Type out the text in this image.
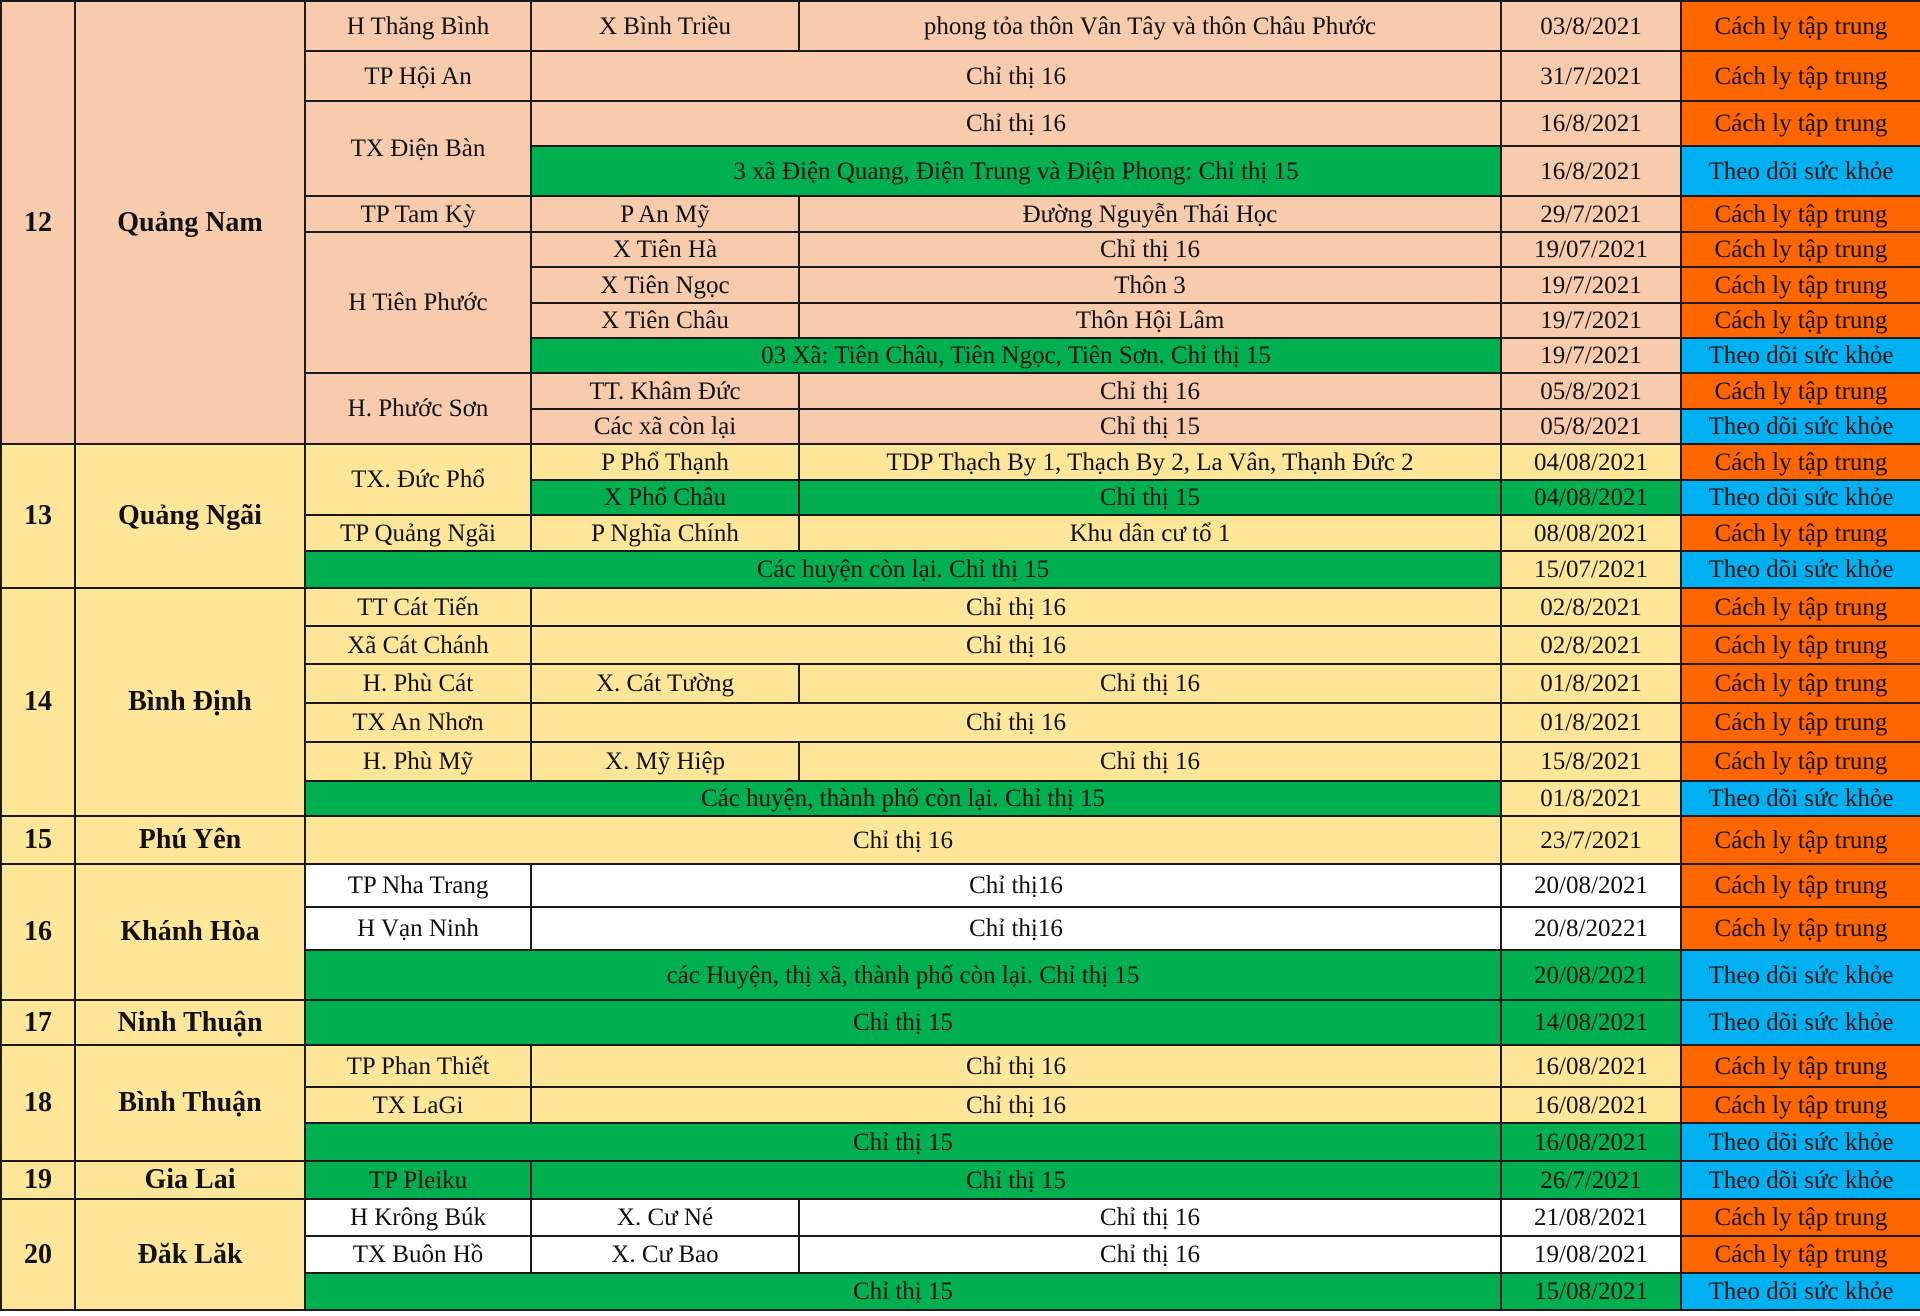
12	Quảng Nam	H Thăng Bình	X Bình Triều	phong tỏa thôn Vân Tây và thôn Châu Phước	03/8/2021	Cách ly tập trung
		TP Hội An	Chỉ thị 16		31/7/2021	Cách ly tập trung
		TX Điện Bàn	Chỉ thị 16		16/8/2021	Cách ly tập trung
			3 xã Điện Quang, Điện Trung và Điện Phong: Chỉ thị 15		16/8/2021	Theo dõi sức khỏe
		TP Tam Kỳ	P An Mỹ	Đường Nguyễn Thái Học	29/7/2021	Cách ly tập trung
		H Tiên Phước	X Tiên Hà	Chỉ thị 16	19/07/2021	Cách ly tập trung
			X Tiên Ngọc	Thôn 3	19/7/2021	Cách ly tập trung
			X Tiên Châu	Thôn Hội Lâm	19/7/2021	Cách ly tập trung
			03 Xã: Tiên Châu, Tiên Ngọc, Tiên Sơn. Chỉ thị 15		19/7/2021	Theo dõi sức khỏe
		H. Phước Sơn	TT. Khâm Đức	Chỉ thị 16	05/8/2021	Cách ly tập trung
			Các xã còn lại	Chỉ thị 15	05/8/2021	Theo dõi sức khỏe
13	Quảng Ngãi	TX. Đức Phổ	P Phổ Thạnh	TDP Thạch By 1, Thạch By 2, La Vân, Thạnh Đức 2	04/08/2021	Cách ly tập trung
			X Phổ Châu	Chỉ thị 15	04/08/2021	Theo dõi sức khỏe
		TP Quảng Ngãi	P Nghĩa Chính	Khu dân cư tổ 1	08/08/2021	Cách ly tập trung
		Các huyện còn lại. Chỉ thị 15			15/07/2021	Theo dõi sức khỏe
14	Bình Định	TT Cát Tiến	Chỉ thị 16		02/8/2021	Cách ly tập trung
		Xã Cát Chánh	Chỉ thị 16		02/8/2021	Cách ly tập trung
		H. Phù Cát	X. Cát Tường	Chỉ thị 16	01/8/2021	Cách ly tập trung
		TX An Nhơn	Chỉ thị 16		01/8/2021	Cách ly tập trung
		H. Phù Mỹ	X. Mỹ Hiệp	Chỉ thị 16	15/8/2021	Cách ly tập trung
		Các huyện, thành phố còn lại. Chỉ thị 15			01/8/2021	Theo dõi sức khỏe
15	Phú Yên	Chỉ thị 16			23/7/2021	Cách ly tập trung
16	Khánh Hòa	TP Nha Trang	Chỉ thị16		20/08/2021	Cách ly tập trung
		H Vạn Ninh	Chỉ thị16		20/8/20221	Cách ly tập trung
		các Huyện, thị xã, thành phố còn lại. Chỉ thị 15			20/08/2021	Theo dõi sức khỏe
17	Ninh Thuận	Chỉ thị 15			14/08/2021	Theo dõi sức khỏe
18	Bình Thuận	TP Phan Thiết	Chỉ thị 16		16/08/2021	Cách ly tập trung
		TX LaGi	Chỉ thị 16		16/08/2021	Cách ly tập trung
		Chỉ thị 15			16/08/2021	Theo dõi sức khỏe
19	Gia Lai	TP Pleiku	Chỉ thị 15		26/7/2021	Theo dõi sức khỏe
20	Đăk Lăk	H Krông Búk	X. Cư Né	Chỉ thị 16	21/08/2021	Cách ly tập trung
		TX Buôn Hồ	X. Cư Bao	Chỉ thị 16	19/08/2021	Cách ly tập trung
		Chỉ thị 15			15/08/2021	Theo dõi sức khỏe
